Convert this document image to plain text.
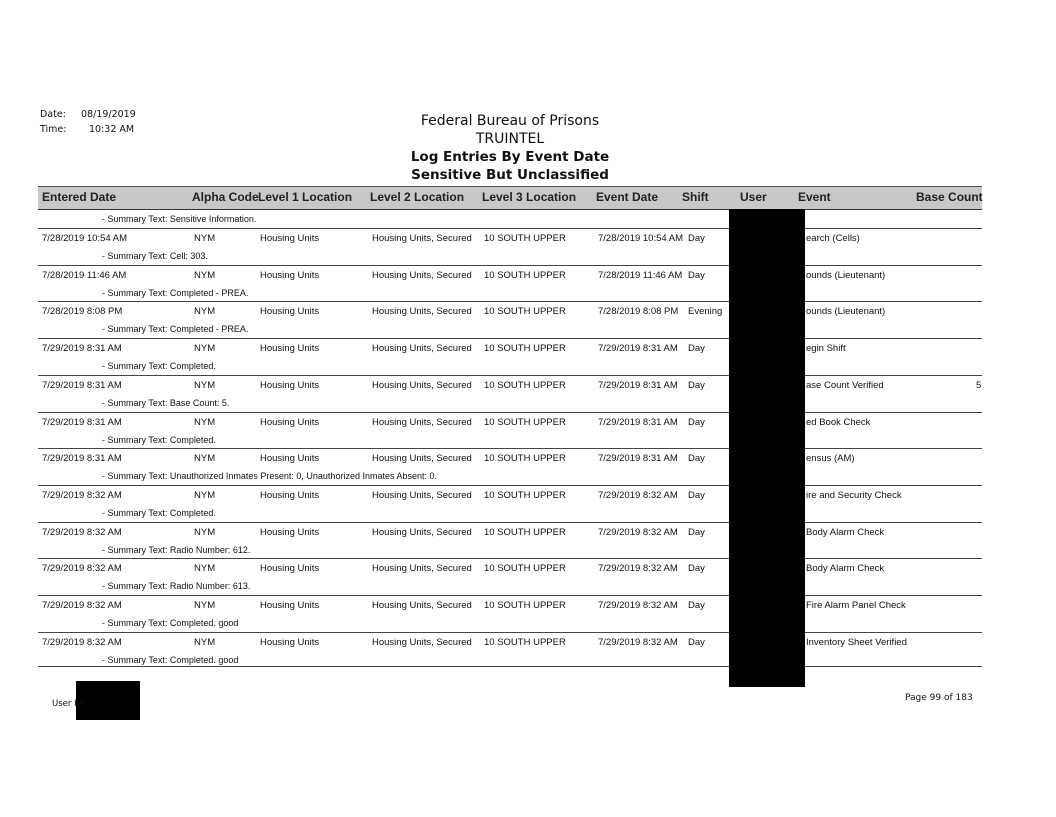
Date: 08/19/2019
Time: 10:32 AM
Federal Bureau of Prisons
TRUINTEL
Log Entries By Event Date
Sensitive But Unclassified
Entered Date	Alpha Code Level 1 Location Level 2 Location Level 3 Location Event Date Shift	User	Event	Base Count
- Summary Text: Sensitive Information.
7/28/2019 10:54 AM	NYM	Housing Units	Housing Units, Secured 10 SOUTH UPPER	7/28/2019 10:54 AM Day	earch (Cells)
- Summary Text: Cell: 303.
7/28/2019 11:46 AM	NYM	Housing Units	Housing Units, Secured 10 SOUTH UPPER	7/28/2019 11:46 AM Day	ounds (Lieutenant)
- Summary Text: Completed - PREA.
7/28/2019 8:08 PM	NYM	Housing Units	Housing Units, Secured 10 SOUTH UPPER	7/28/2019 8:08 PM Evening	ounds (Lieutenant)
- Summary Text: Completed - PREA.
7/29/2019 8:31 AM	NYM	Housing Units	Housing Units, Secured 10 SOUTH UPPER	7/29/2019 8:31 AM Day	egin Shift
- Summary Text: Completed.
7/29/2019 8:31 AM	NYM	Housing Units	Housing Units, Secured 10 SOUTH UPPER	7/29/2019 8:31 AM Day	ase Count Verified	5
- Summary Text: Base Count: 5.
7/29/2019 8:31 AM	NYM	Housing Units	Housing Units, Secured 10 SOUTH UPPER	7/29/2019 8:31 AM Day	ed Book Check
- Summary Text: Completed.
7/29/2019 8:31 AM	NYM	Housing Units	Housing Units, Secured 10 SOUTH UPPER	7/29/2019 8:31 AM Day	ensus (AM)
- Summary Text: Unauthorized Inmates Present: 0, Unauthorized Inmates Absent: 0.
7/29/2019 8:32 AM	NYM	Housing Units	Housing Units, Secured 10 SOUTH UPPER	7/29/2019 8:32 AM Day	ire and Security Check
- Summary Text: Completed.
7/29/2019 8:32 AM	NYM	Housing Units	Housing Units, Secured 10 SOUTH UPPER	7/29/2019 8:32 AM Day	Body Alarm Check
- Summary Text: Radio Number: 612.
7/29/2019 8:32 AM	NYM	Housing Units	Housing Units, Secured 10 SOUTH UPPER	7/29/2019 8:32 AM Day	Body Alarm Check
- Summary Text: Radio Number: 613.
7/29/2019 8:32 AM	NYM	Housing Units	Housing Units, Secured 10 SOUTH UPPER	7/29/2019 8:32 AM Day	Fire Alarm Panel Check
- Summary Text: Completed. good
7/29/2019 8:32 AM	NYM	Housing Units	Housing Units, Secured 10 SOUTH UPPER	7/29/2019 8:32 AM Day	Inventory Sheet Verified
- Summary Text: Completed. good
User ID
Page 99 of 183
